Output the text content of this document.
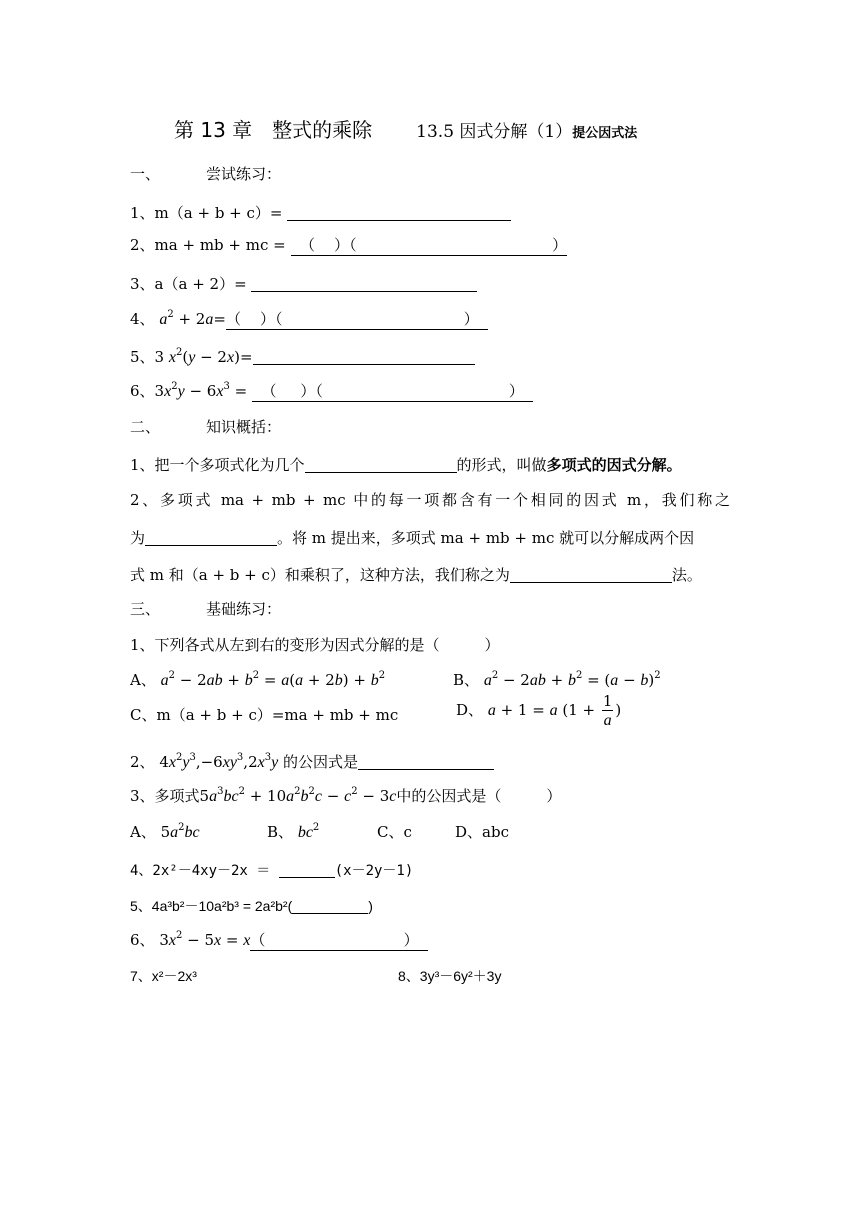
第 13 章　整式的乘除	13.5 因式分解（1）提公因式法
一、	尝试练习：
1、m（a + b + c）=
2、ma + mb + mc = （ ）（	）
3、a（a + 2）=
4、 $a^2 + 2a=$（ ）（	）
5、3 $x^2(y - 2x)=$
6、$3x^2y - 6x^3$ = （ ）（	）
二、	知识概括：
1、把一个多项式化为几个	的形式，叫做多项式的因式分解。
2、多项式 ma + mb + mc 中的每一项都含有一个相同的因式 m，我们称之
为	。将 m 提出来，多项式 ma + mb + mc 就可以分解成两个因
式 m 和（a + b + c）和乘积了，这种方法，我们称之为	法。
三、	基础练习：
1、下列各式从左到右的变形为因式分解的是（　　　）
A、 $a^2 - 2ab + b^2 = a(a + 2b) + b^2$	B、 $a^2 - 2ab + b^2 = (a - b)^2$
C、m（a + b + c）=ma + mb + mc	D、 a + 1 = a ($1 + \frac{1}{a}$ )
2、 $4x^2y^3,-6xy^3,2x^3y$ 的公因式是
3、多项式$5a^3bc^2 + 10a^2b^2c - c^2 - 3c$中的公因式是（　　　）
A、 $5a^2bc$	B、 $bc^2$	C、c	D、abc
4、2x²－4xy－2x ＝	(x－2y－1)
5、4a³b²－10a²b³ = 2a²b²(	)
6、 $3x^2 - 5x = x$（	）
7、x²－2x³	8、3y³－6y²＋3y
